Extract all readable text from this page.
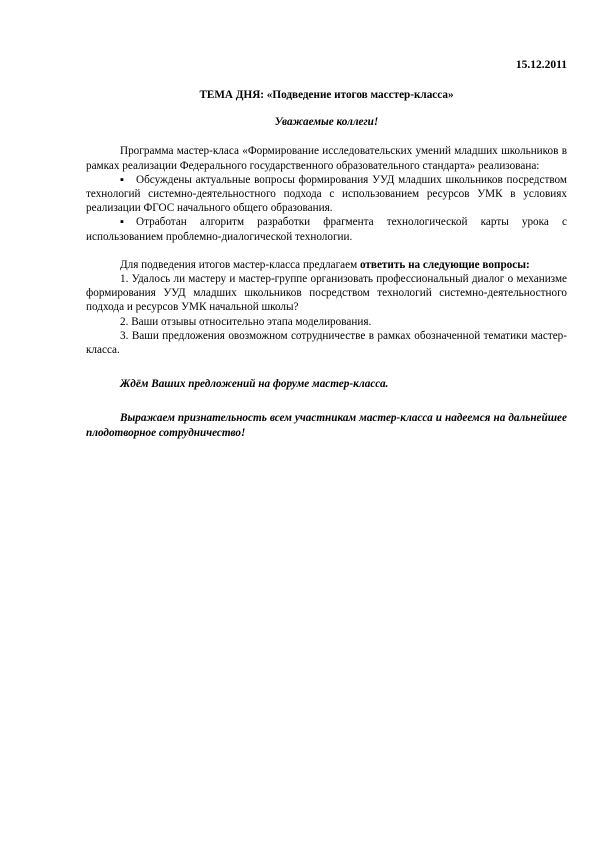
15.12.2011

ТЕМА ДНЯ: «Подведение итогов масстер-класса»

Уважаемые коллеги!

Программа мастер-класа «Формирование исследовательских умений младших школьников в рамках реализации Федерального государственного образовательного стандарта» реализована:

▪ Обсуждены актуальные вопросы формирования УУД младших школьников посредством технологий системно-деятельностного подхода с использованием ресурсов УМК в условиях реализации ФГОС начального общего образования.

▪ Отработан алгоритм разработки фрагмента технологической карты урока с использованием проблемно-диалогической технологии.

Для подведения итогов мастер-класса предлагаем ответить на следующие вопросы:

1. Удалось ли мастеру и мастер-группе организовать профессиональный диалог о механизме формирования УУД младших школьников посредством технологий системно-деятельностного подхода и ресурсов УМК начальной школы?

2. Ваши отзывы относительно этапа моделирования.

3. Ваши предложения овозможном сотрудничестве в рамках обозначенной тематики мастер-класса.

Ждём Ваших предложений на форуме мастер-класса.

Выражаем признательность всем участникам мастер-класса и надеемся на дальнейшее плодотворное сотрудничество!
